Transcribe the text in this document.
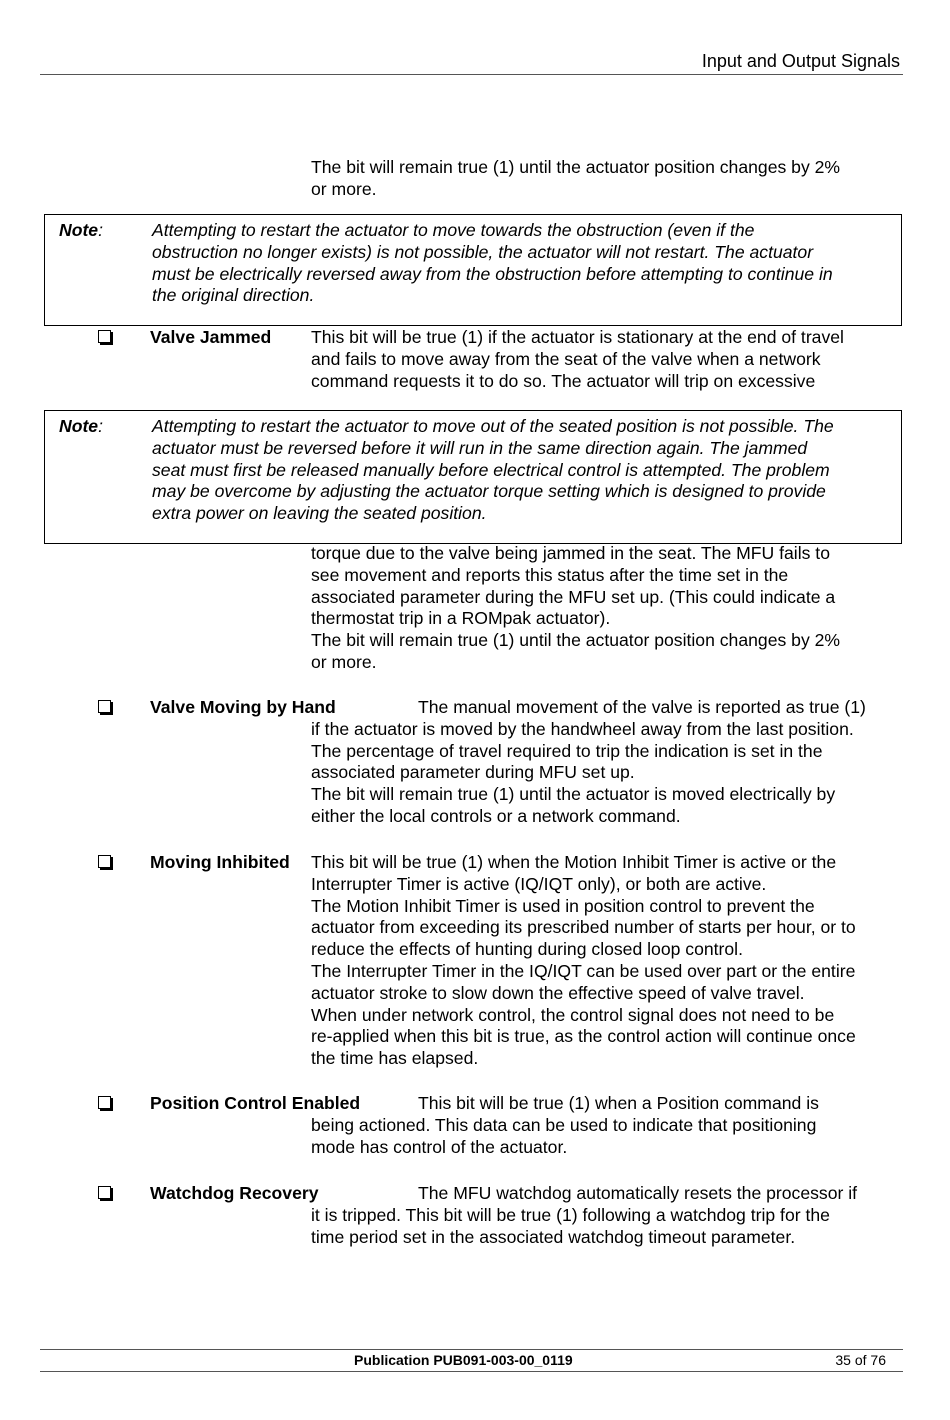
Input and Output Signals
The bit will remain true (1) until the actuator position changes by 2%
or more.
Note:	Attempting to restart the actuator to move towards the obstruction (even if the
obstruction no longer exists) is not possible, the actuator will not restart. The actuator
must be electrically reversed away from the obstruction before attempting to continue in
the original direction.
Valve Jammed This bit will be true (1) if the actuator is stationary at the end of travel
and fails to move away from the seat of the valve when a network
command requests it to do so. The actuator will trip on excessive
Note:	Attempting to restart the actuator to move out of the seated position is not possible. The
actuator must be reversed before it will run in the same direction again. The jammed
seat must first be released manually before electrical control is attempted. The problem
may be overcome by adjusting the actuator torque setting which is designed to provide
extra power on leaving the seated position.
torque due to the valve being jammed in the seat. The MFU fails to
see movement and reports this status after the time set in the
associated parameter during the MFU set up. (This could indicate a
thermostat trip in a ROMpak actuator).
The bit will remain true (1) until the actuator position changes by 2%
or more.
Valve Moving by Hand	The manual movement of the valve is reported as true (1)
if the actuator is moved by the handwheel away from the last position.
The percentage of travel required to trip the indication is set in the
associated parameter during MFU set up.
The bit will remain true (1) until the actuator is moved electrically by
either the local controls or a network command.
Moving Inhibited This bit will be true (1) when the Motion Inhibit Timer is active or the
Interrupter Timer is active (IQ/IQT only), or both are active.
The Motion Inhibit Timer is used in position control to prevent the
actuator from exceeding its prescribed number of starts per hour, or to
reduce the effects of hunting during closed loop control.
The Interrupter Timer in the IQ/IQT can be used over part or the entire
actuator stroke to slow down the effective speed of valve travel.
When under network control, the control signal does not need to be
re-applied when this bit is true, as the control action will continue once
the time has elapsed.
Position Control Enabled	This bit will be true (1) when a Position command is
being actioned. This data can be used to indicate that positioning
mode has control of the actuator.
Watchdog Recovery	The MFU watchdog automatically resets the processor if
it is tripped. This bit will be true (1) following a watchdog trip for the
time period set in the associated watchdog timeout parameter.
Publication PUB091-003-00_0119	35 of 76
